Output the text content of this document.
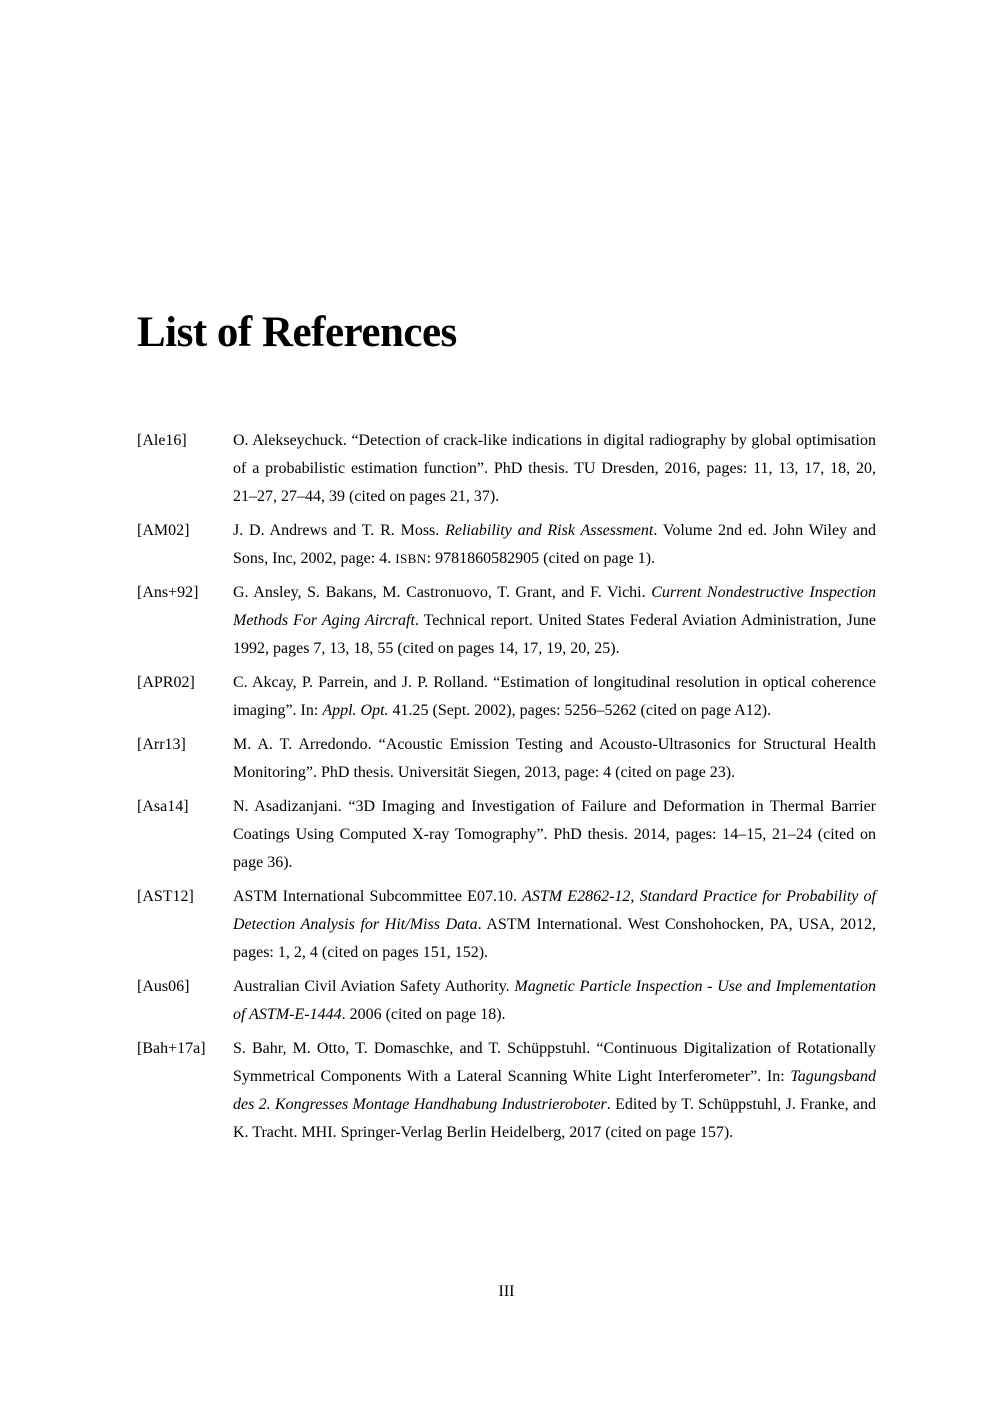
List of References
[Ale16]	O. Alekseychuck. “Detection of crack-like indications in digital radiography by global optimisation of a probabilistic estimation function”. PhD thesis. TU Dresden, 2016, pages: 11, 13, 17, 18, 20, 21–27, 27–44, 39 (cited on pages 21, 37).
[AM02]	J. D. Andrews and T. R. Moss. Reliability and Risk Assessment. Volume 2nd ed. John Wiley and Sons, Inc, 2002, page: 4. ISBN: 9781860582905 (cited on page 1).
[Ans+92]	G. Ansley, S. Bakans, M. Castronuovo, T. Grant, and F. Vichi. Current Nondestructive Inspection Methods For Aging Aircraft. Technical report. United States Federal Aviation Administration, June 1992, pages 7, 13, 18, 55 (cited on pages 14, 17, 19, 20, 25).
[APR02]	C. Akcay, P. Parrein, and J. P. Rolland. “Estimation of longitudinal resolution in optical coherence imaging”. In: Appl. Opt. 41.25 (Sept. 2002), pages: 5256–5262 (cited on page A12).
[Arr13]	M. A. T. Arredondo. “Acoustic Emission Testing and Acousto-Ultrasonics for Structural Health Monitoring”. PhD thesis. Universität Siegen, 2013, page: 4 (cited on page 23).
[Asa14]	N. Asadizanjani. “3D Imaging and Investigation of Failure and Deformation in Thermal Barrier Coatings Using Computed X-ray Tomography”. PhD thesis. 2014, pages: 14–15, 21–24 (cited on page 36).
[AST12]	ASTM International Subcommittee E07.10. ASTM E2862-12, Standard Practice for Probability of Detection Analysis for Hit/Miss Data. ASTM International. West Conshohocken, PA, USA, 2012, pages: 1, 2, 4 (cited on pages 151, 152).
[Aus06]	Australian Civil Aviation Safety Authority. Magnetic Particle Inspection - Use and Implementation of ASTM-E-1444. 2006 (cited on page 18).
[Bah+17a]	S. Bahr, M. Otto, T. Domaschke, and T. Schüppstuhl. “Continuous Digitalization of Rotationally Symmetrical Components With a Lateral Scanning White Light Interferometer”. In: Tagungsband des 2. Kongresses Montage Handhabung Industrieroboter. Edited by T. Schüppstuhl, J. Franke, and K. Tracht. MHI. Springer-Verlag Berlin Heidelberg, 2017 (cited on page 157).
III
